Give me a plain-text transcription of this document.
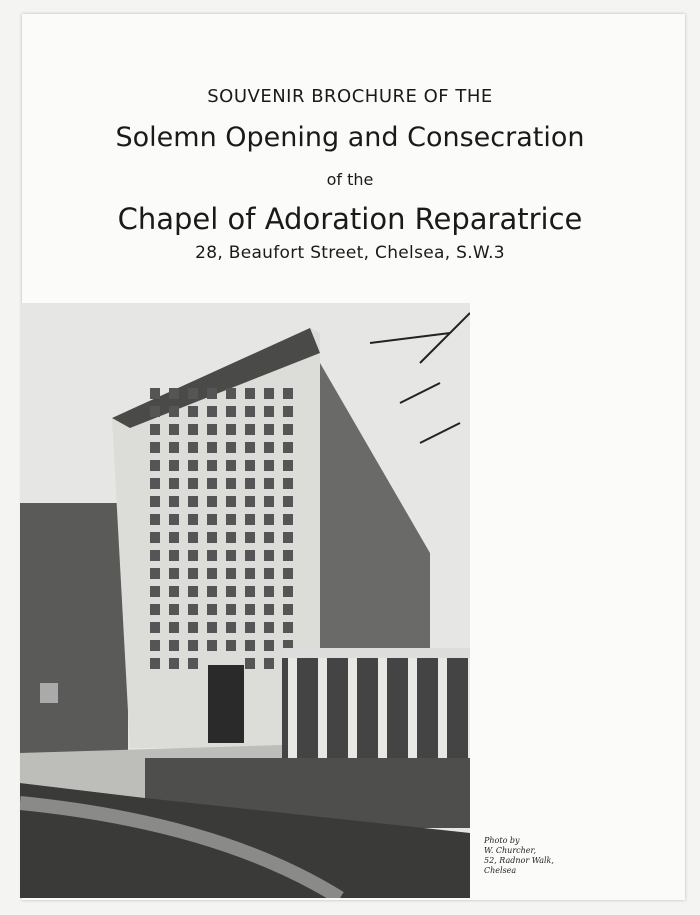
SOUVENIR BROCHURE OF THE
Solemn Opening and Consecration
of the
Chapel of Adoration Reparatrice
28, Beaufort Street, Chelsea, S.W.3
Photo by
W. Churcher,
52, Radnor Walk,
Chelsea
